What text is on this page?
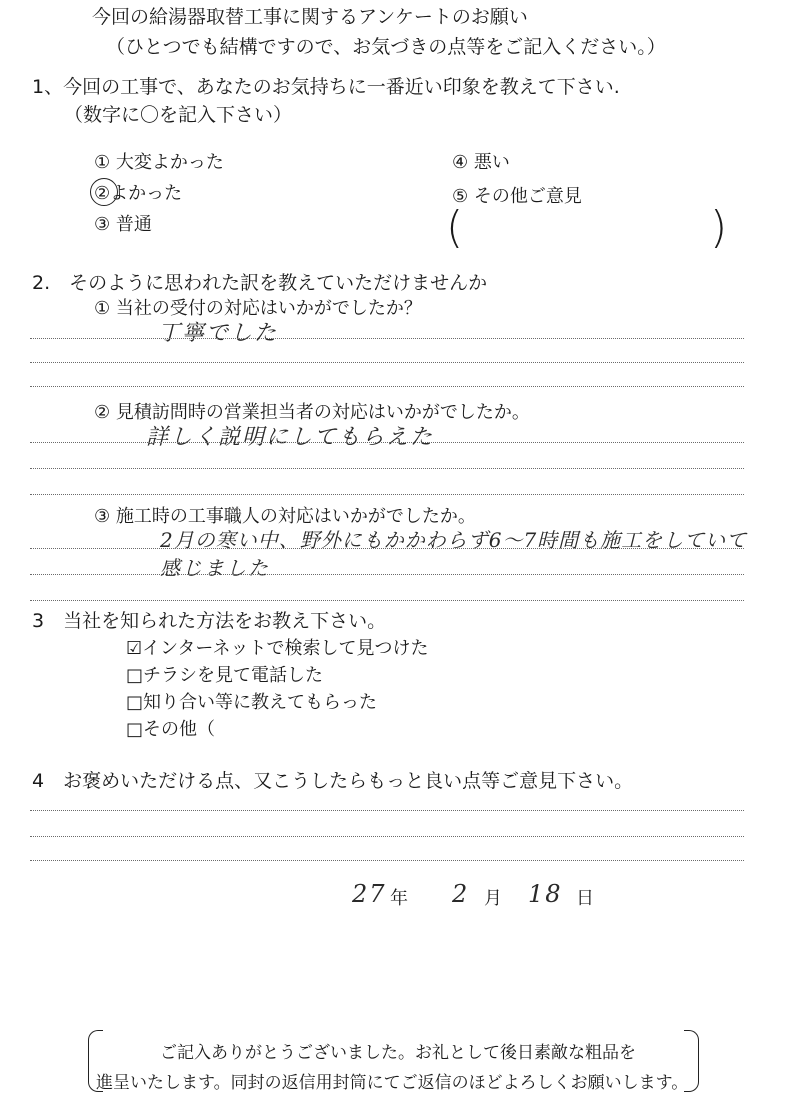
今回の給湯器取替工事に関するアンケートのお願い
（ひとつでも結構ですので、お気づきの点等をご記入ください。）
1、今回の工事で、あなたのお気持ちに一番近い印象を教えて下さい.
（数字に〇を記入下さい）
① 大変よかった
②よかった
③ 普通
④ 悪い
⑤ その他ご意見
(	)
2.　そのように思われた訳を教えていただけませんか
① 当社の受付の対応はいかがでしたか？
丁寧でした
② 見積訪問時の営業担当者の対応はいかがでしたか。
詳しく説明にしてもらえた
③ 施工時の工事職人の対応はいかがでしたか。
2月の寒い中、野外にもかかわらず6～7時間も施工をしていて
感じました
3　当社を知られた方法をお教え下さい。
☑インターネットで検索して見つけた
□チラシを見て電話した
□知り合い等に教えてもらった
□その他（
4　お褒めいただける点、又こうしたらもっと良い点等ご意見下さい。
27 年 2 月 18 日
ご記入ありがとうございました。お礼として後日素敵な粗品を
進呈いたします。同封の返信用封筒にてご返信のほどよろしくお願いします。
